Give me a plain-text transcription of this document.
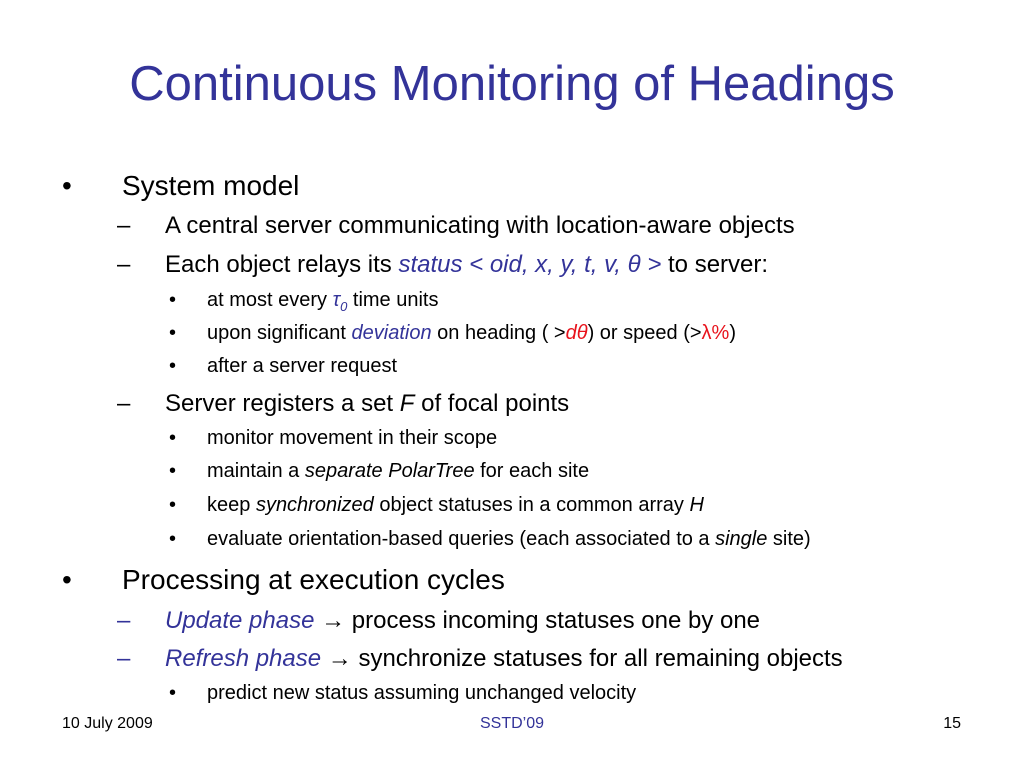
Continuous Monitoring of Headings
• System model
– A central server communicating with location-aware objects
– Each object relays its status < oid, x, y, t, v, θ > to server:
• at most every $\tau_0$ time units
• upon significant deviation on heading ( >dθ) or speed (>λ%)
• after a server request
– Server registers a set F of focal points
• monitor movement in their scope
• maintain a separate PolarTree for each site
• keep synchronized object statuses in a common array H
• evaluate orientation-based queries (each associated to a single site)
• Processing at execution cycles
– Update phase → process incoming statuses one by one
– Refresh phase → synchronize statuses for all remaining objects
• predict new status assuming unchanged velocity
10 July 2009	SSTD’09	15
